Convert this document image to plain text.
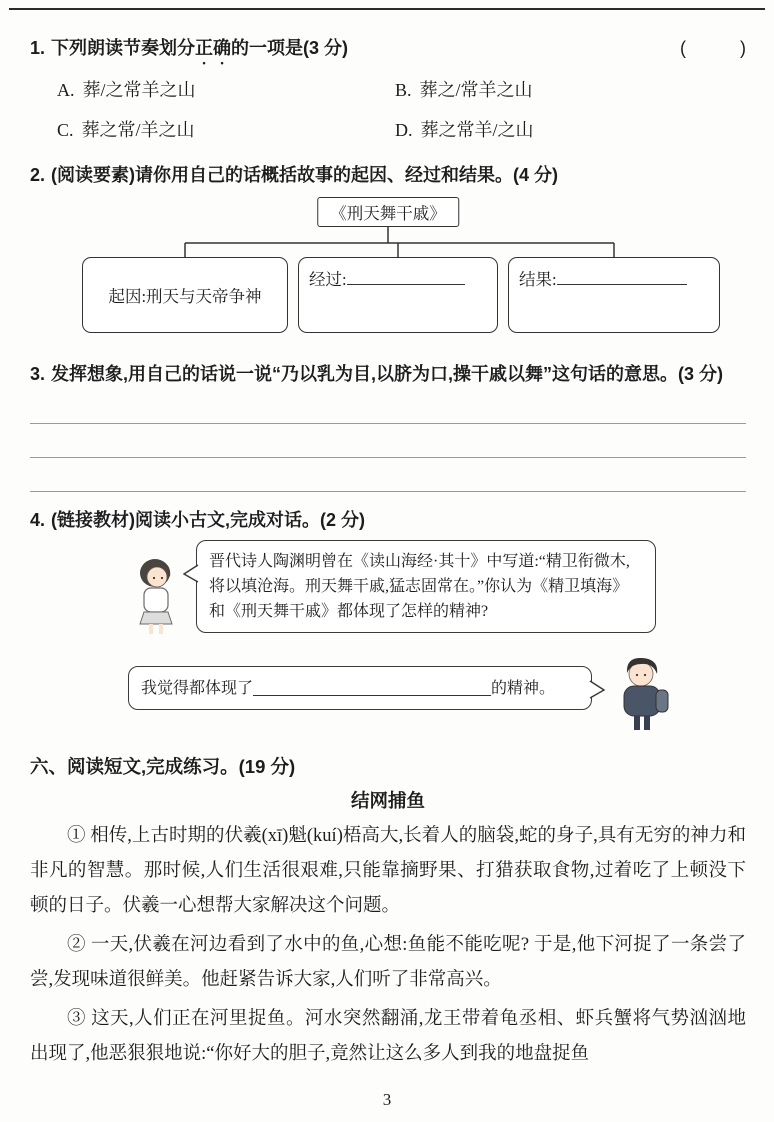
1. 下列朗读节奏划分正确的一项是(3 分)	(　　　)
A. 葬/之常羊之山	B. 葬之/常羊之山
C. 葬之常/羊之山	D. 葬之常羊/之山
2. (阅读要素)请你用自己的话概括故事的起因、经过和结果。(4 分)
《刑天舞干戚》
起因:刑天与天帝争神
经过:	结果:
3. 发挥想象,用自己的话说一说“乃以乳为目,以脐为口,操干戚以舞”这句话的意思。(3 分)
4. (链接教材)阅读小古文,完成对话。(2 分)
晋代诗人陶渊明曾在《读山海经·其十》中写道:“精卫衔微木,将以填沧海。刑天舞干戚,猛志固常在。”你认为《精卫填海》和《刑天舞干戚》都体现了怎样的精神?
我觉得都体现了	的精神。
六、阅读短文,完成练习。(19 分)
结网捕鱼

① 相传,上古时期的伏羲(xī)魁(kuí)梧高大,长着人的脑袋,蛇的身子,具有无穷的神力和非凡的智慧。那时候,人们生活很艰难,只能靠摘野果、打猎获取食物,过着吃了上顿没下顿的日子。伏羲一心想帮大家解决这个问题。

② 一天,伏羲在河边看到了水中的鱼,心想:鱼能不能吃呢? 于是,他下河捉了一条尝了尝,发现味道很鲜美。他赶紧告诉大家,人们听了非常高兴。

③ 这天,人们正在河里捉鱼。河水突然翻涌,龙王带着龟丞相、虾兵蟹将气势汹汹地出现了,他恶狠狠地说:“你好大的胆子,竟然让这么多人到我的地盘捉鱼

3
